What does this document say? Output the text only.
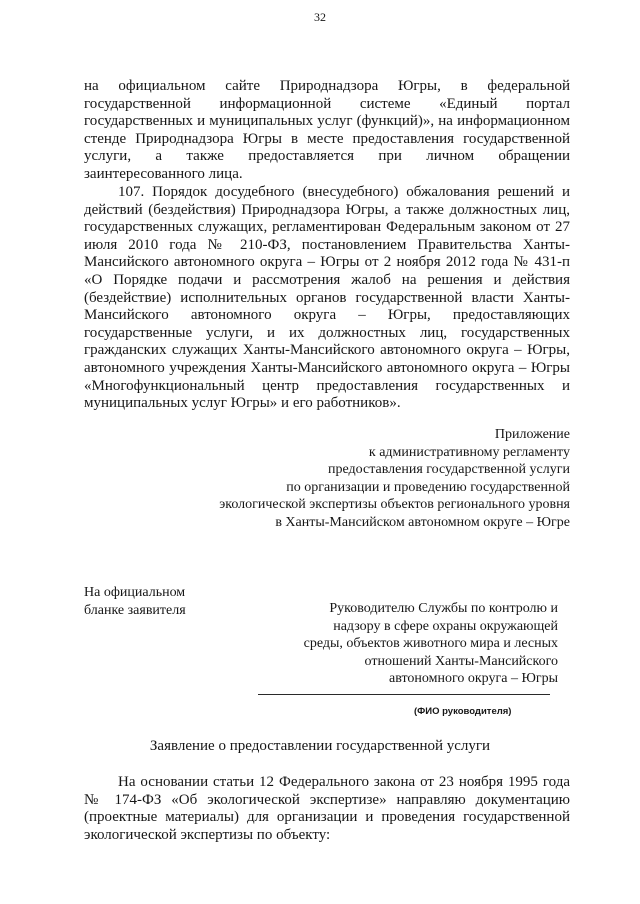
32

на официальном сайте Природнадзора Югры, в федеральной государственной информационной системе «Единый портал государственных и муниципальных услуг (функций)», на информационном стенде Природнадзора Югры в месте предоставления государственной услуги, а также предоставляется при личном обращении заинтересованного лица.

107. Порядок досудебного (внесудебного) обжалования решений и действий (бездействия) Природнадзора Югры, а также должностных лиц, государственных служащих, регламентирован Федеральным законом от 27 июля 2010 года № 210-ФЗ, постановлением Правительства Ханты-Мансийского автономного округа – Югры от 2 ноября 2012 года № 431-п «О Порядке подачи и рассмотрения жалоб на решения и действия (бездействие) исполнительных органов государственной власти Ханты-Мансийского автономного округа – Югры, предоставляющих государственные услуги, и их должностных лиц, государственных гражданских служащих Ханты-Мансийского автономного округа – Югры, автономного учреждения Ханты-Мансийского автономного округа – Югры «Многофункциональный центр предоставления государственных и муниципальных услуг Югры» и его работников».

Приложение
к административному регламенту
предоставления государственной услуги
по организации и проведению государственной
экологической экспертизы объектов регионального уровня
в Ханты-Мансийском автономном округе – Югре
На официальном
бланке заявителя	Руководителю Службы по контролю и
надзору в сфере охраны окружающей
среды, объектов животного мира и лесных
отношений Ханты-Мансийского
автономного округа – Югры
(ФИО руководителя)
Заявление о предоставлении государственной услуги

На основании статьи 12 Федерального закона от 23 ноября 1995 года № 174-ФЗ «Об экологической экспертизе» направляю документацию (проектные материалы) для организации и проведения государственной экологической экспертизы по объекту:
